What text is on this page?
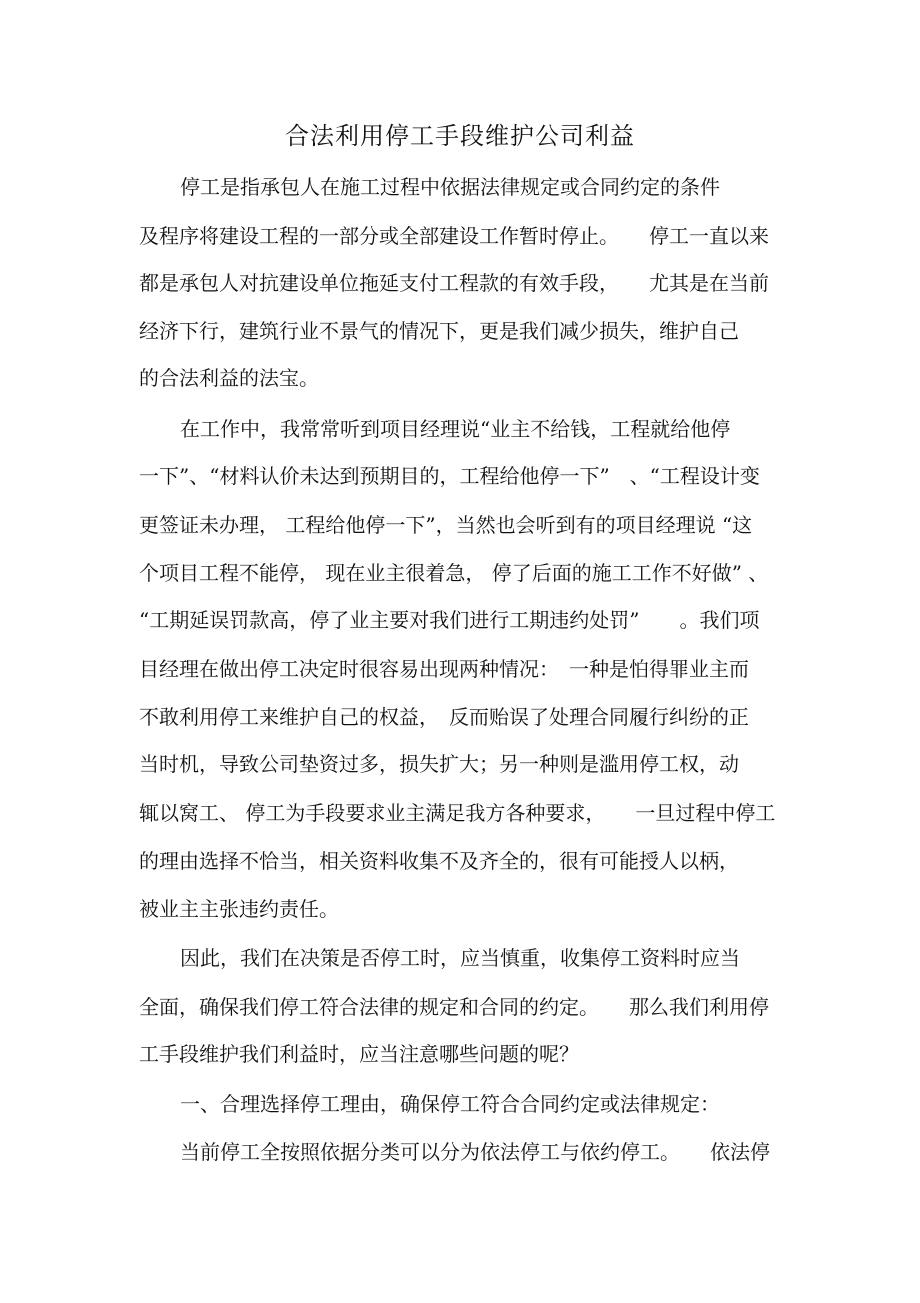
合法利用停工手段维护公司利益
停工是指承包人在施工过程中依据法律规定或合同约定的条件
及程序将建设工程的一部分或全部建设工作暂时停止。　　停工一直以来
都是承包人对抗建设单位拖延支付工程款的有效手段，　　尤其是在当前
经济下行，建筑行业不景气的情况下，更是我们减少损失，维护自己
的合法利益的法宝。
在工作中，我常常听到项目经理说“业主不给钱，工程就给他停
一下”、“材料认价未达到预期目的，工程给他停一下”　、“工程设计变
更签证未办理， 工程给他停一下”，当然也会听到有的项目经理说 “这
个项目工程不能停， 现在业主很着急， 停了后面的施工工作不好做” 、
“工期延误罚款高，停了业主要对我们进行工期违约处罚”　　。我们项
目经理在做出停工决定时很容易出现两种情况：　一种是怕得罪业主而
不敢利用停工来维护自己的权益，　反而贻误了处理合同履行纠纷的正
当时机，导致公司垫资过多，损失扩大；另一种则是滥用停工权，动
辄以窝工、 停工为手段要求业主满足我方各种要求，　　一旦过程中停工
的理由选择不恰当，相关资料收集不及齐全的，很有可能授人以柄，
被业主主张违约责任。
因此，我们在决策是否停工时，应当慎重，收集停工资料时应当
全面，确保我们停工符合法律的规定和合同的约定。　　那么我们利用停
工手段维护我们利益时，应当注意哪些问题的呢？
一、合理选择停工理由，确保停工符合合同约定或法律规定：
当前停工全按照依据分类可以分为依法停工与依约停工。　　依法停
